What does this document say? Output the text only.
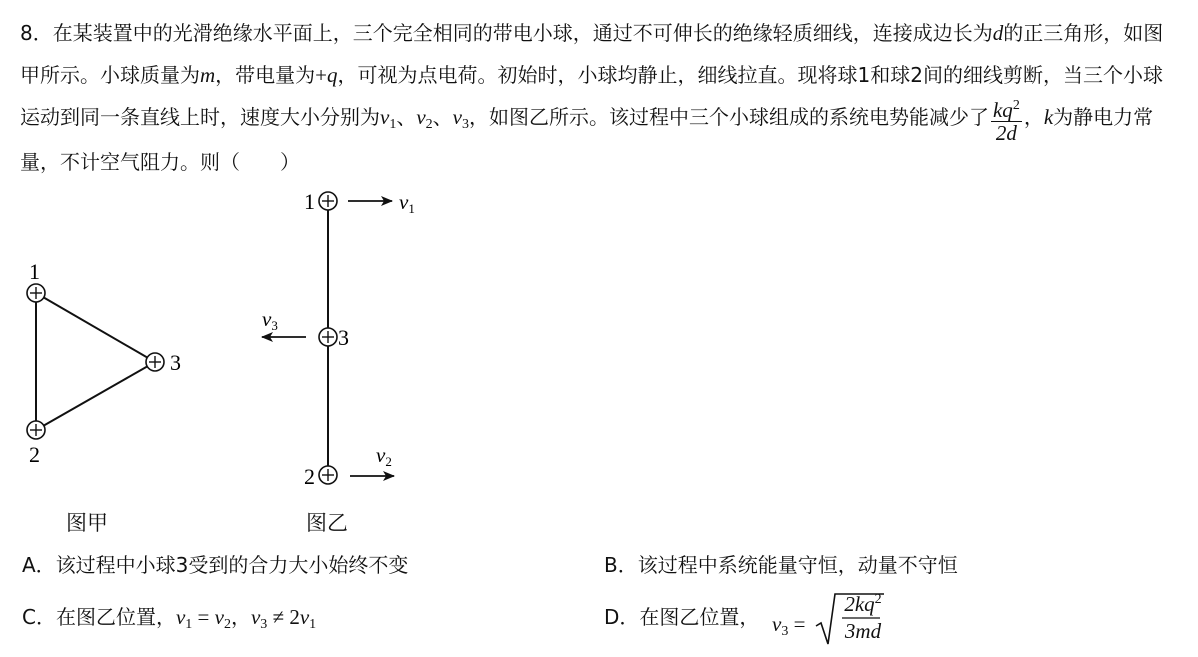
8．在某装置中的光滑绝缘水平面上，三个完全相同的带电小球，通过不可伸长的绝缘轻质细线，连接成边长为d的正三角形，如图甲所示。小球质量为m，带电量为+q，可视为点电荷。初始时，小球均静止，细线拉直。现将球1和球2间的细线剪断，当三个小球运动到同一条直线上时，速度大小分别为$v_1$、$v_2$、$v_3$，如图乙所示。该过程中三个小球组成的系统电势能减少了 $\frac{kq^2}{2d}$ ，k为静电力常量，不计空气阻力。则（　　）
1
2
3
1
2
3
v1
v3
v2
图甲	图乙
A．该过程中小球3受到的合力大小始终不变	B．该过程中系统能量守恒，动量不守恒
C．在图乙位置，$v_1 = v_2$，$v_3 \ne 2v_1$	D．在图乙位置， $v_3$ =
$2kq^2$
3md
